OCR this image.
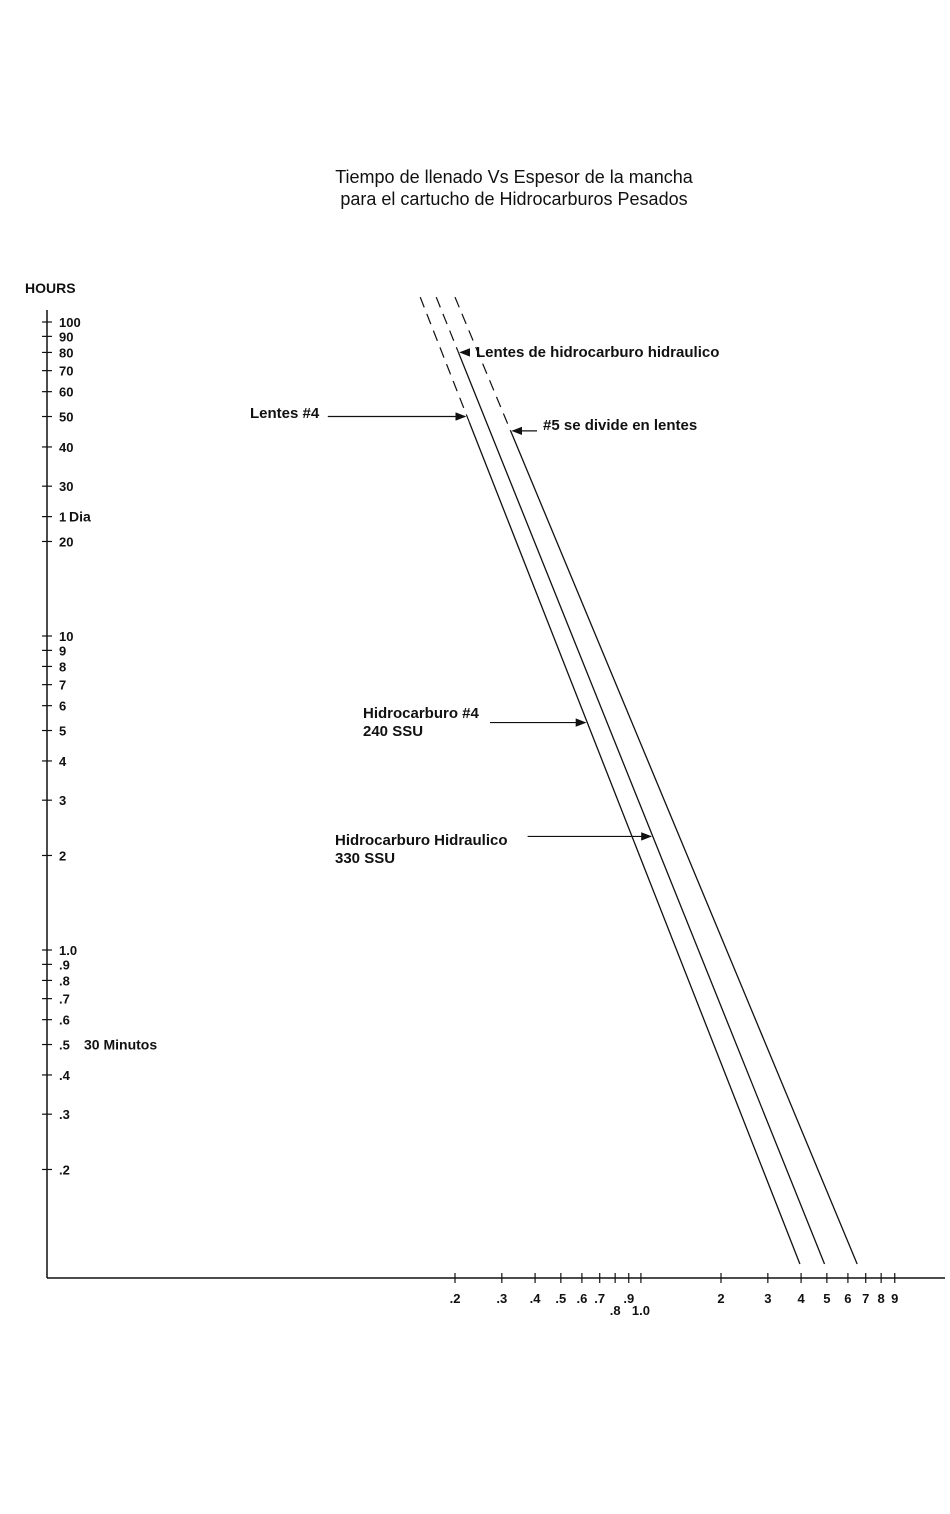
Tiempo de llenado Vs Espesor de la mancha
para el cartucho de Hidrocarburos Pesados
HOURS
100
90
80
70
60
50
40
30
1
20
10
9
8
7
6
5
4
3
2
1.0
.9
.8
.7
.6
.5
.4
.3
.2
Dia
30 Minutos
.2	.3 .4 .5 .6 .7
.8
.9
1.0
2	3 4 5 6 7 8 9
Lentes de hidrocarburo hidraulico
Lentes #4
#5 se divide en lentes
Hidrocarburo #4
240 SSU
Hidrocarburo Hidraulico
330 SSU
